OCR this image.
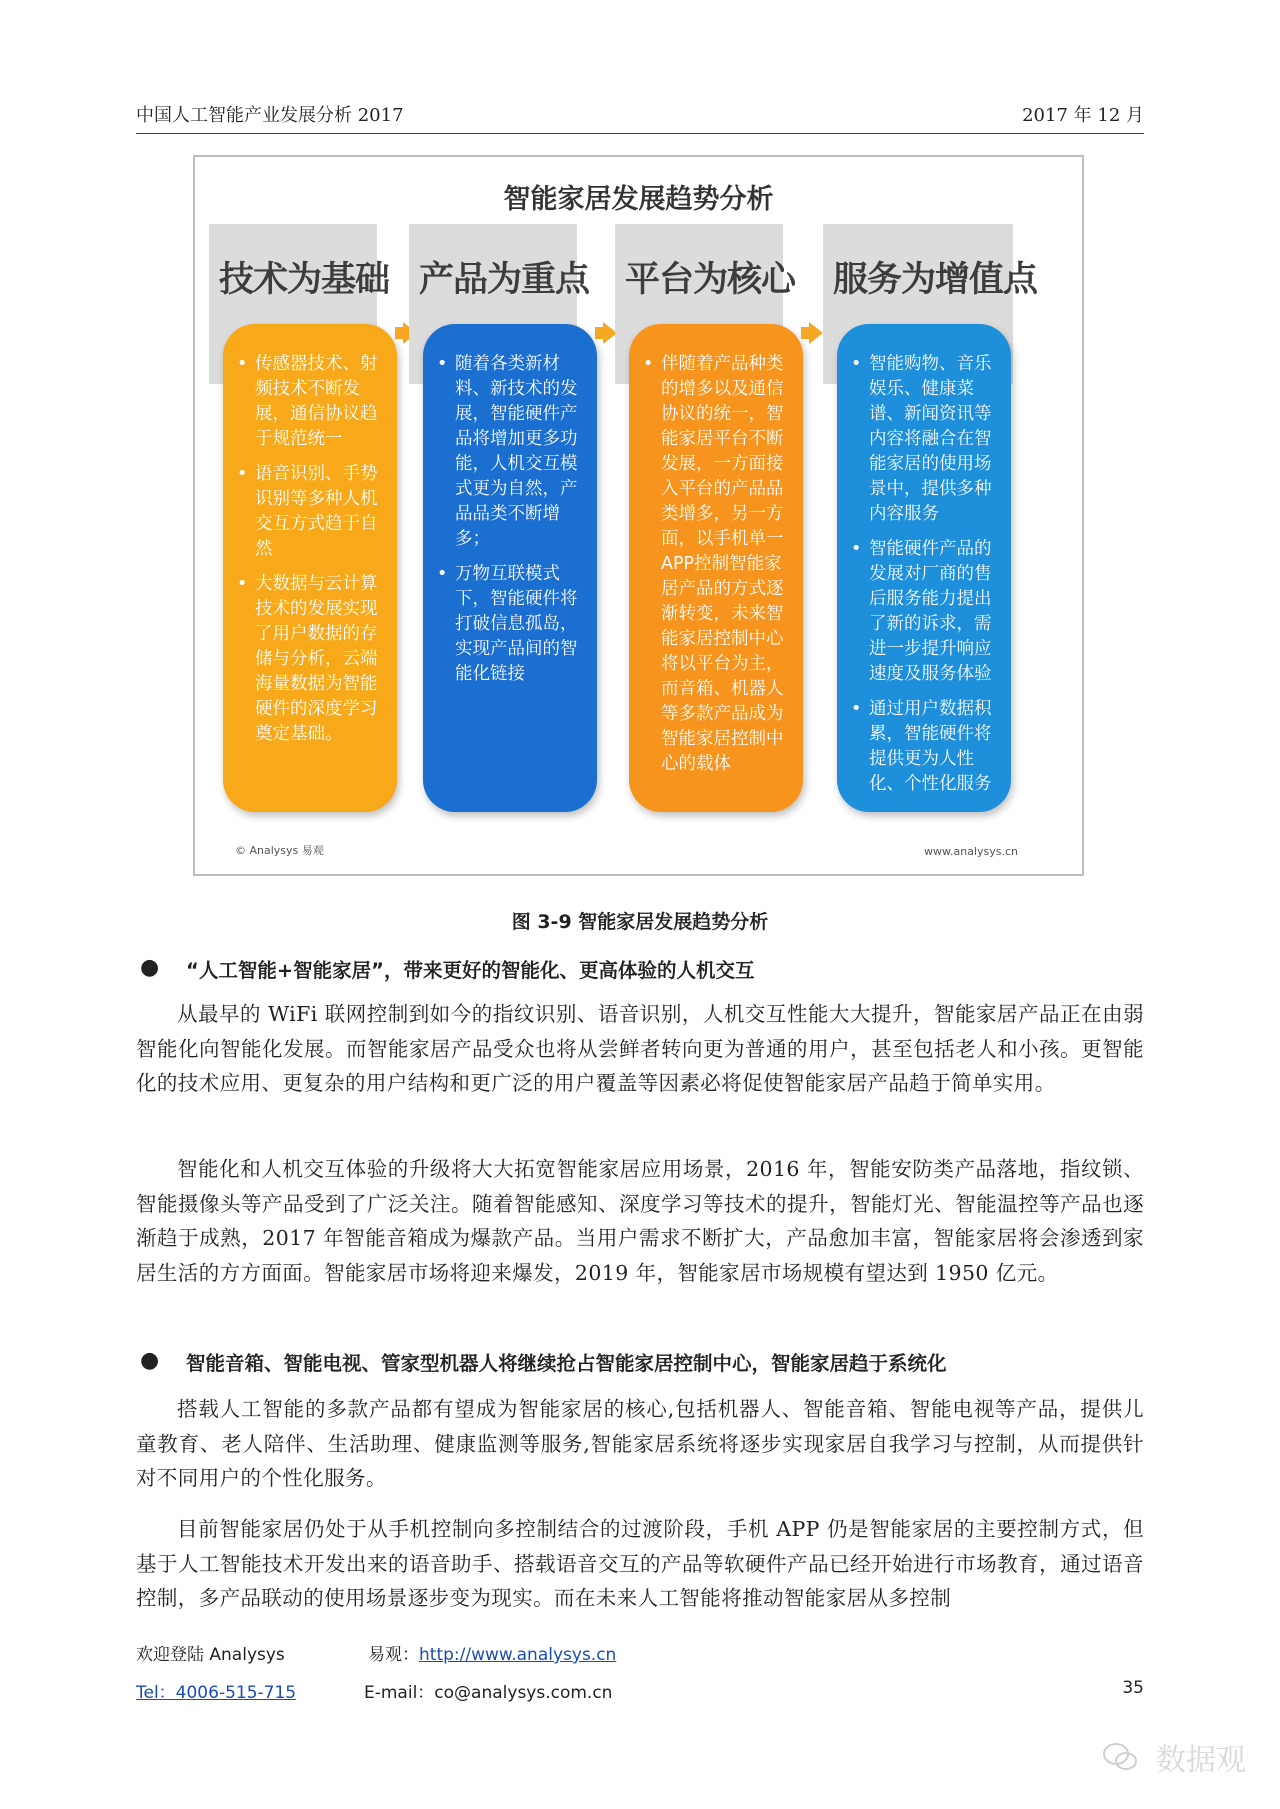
中国人工智能产业发展分析 2017	2017 年 12 月
智能家居发展趋势分析
技术为基础
• 传感器技术、射频技术不断发展，通信协议趋于规范统一
• 语音识别、手势识别等多种人机交互方式趋于自然
• 大数据与云计算技术的发展实现了用户数据的存储与分析，云端海量数据为智能硬件的深度学习奠定基础。
产品为重点
• 随着各类新材料、新技术的发展，智能硬件产品将增加更多功能，人机交互模式更为自然，产品品类不断增多；
• 万物互联模式下，智能硬件将打破信息孤岛，实现产品间的智能化链接
平台为核心
• 伴随着产品种类的增多以及通信协议的统一，智能家居平台不断发展，一方面接入平台的产品品类增多，另一方面，以手机单一APP控制智能家居产品的方式逐渐转变，未来智能家居控制中心将以平台为主，而音箱、机器人等多款产品成为智能家居控制中心的载体
服务为增值点
• 智能购物、音乐娱乐、健康菜谱、新闻资讯等内容将融合在智能家居的使用场景中，提供多种内容服务
• 智能硬件产品的发展对厂商的售后服务能力提出了新的诉求，需进一步提升响应速度及服务体验
• 通过用户数据积累，智能硬件将提供更为人性化、个性化服务
© Analysys 易观	www.analysys.cn
图 3-9 智能家居发展趋势分析
● “人工智能+智能家居”，带来更好的智能化、更高体验的人机交互
从最早的 WiFi 联网控制到如今的指纹识别、语音识别，人机交互性能大大提升，智能家居产品正在由弱智能化向智能化发展。而智能家居产品受众也将从尝鲜者转向更为普通的用户，甚至包括老人和小孩。更智能化的技术应用、更复杂的用户结构和更广泛的用户覆盖等因素必将促使智能家居产品趋于简单实用。
智能化和人机交互体验的升级将大大拓宽智能家居应用场景，2016 年，智能安防类产品落地，指纹锁、智能摄像头等产品受到了广泛关注。随着智能感知、深度学习等技术的提升，智能灯光、智能温控等产品也逐渐趋于成熟，2017 年智能音箱成为爆款产品。当用户需求不断扩大，产品愈加丰富，智能家居将会渗透到家居生活的方方面面。智能家居市场将迎来爆发，2019 年，智能家居市场规模有望达到 1950 亿元。
● 智能音箱、智能电视、管家型机器人将继续抢占智能家居控制中心，智能家居趋于系统化
搭载人工智能的多款产品都有望成为智能家居的核心,包括机器人、智能音箱、智能电视等产品，提供儿童教育、老人陪伴、生活助理、健康监测等服务,智能家居系统将逐步实现家居自我学习与控制，从而提供针对不同用户的个性化服务。
目前智能家居仍处于从手机控制向多控制结合的过渡阶段，手机 APP 仍是智能家居的主要控制方式，但基于人工智能技术开发出来的语音助手、搭载语音交互的产品等软硬件产品已经开始进行市场教育，通过语音控制，多产品联动的使用场景逐步变为现实。而在未来人工智能将推动智能家居从多控制
欢迎登陆 Analysys
Tel：4006-515-715
易观：http://www.analysys.cn
E-mail：co@analysys.com.cn	35
数据观
